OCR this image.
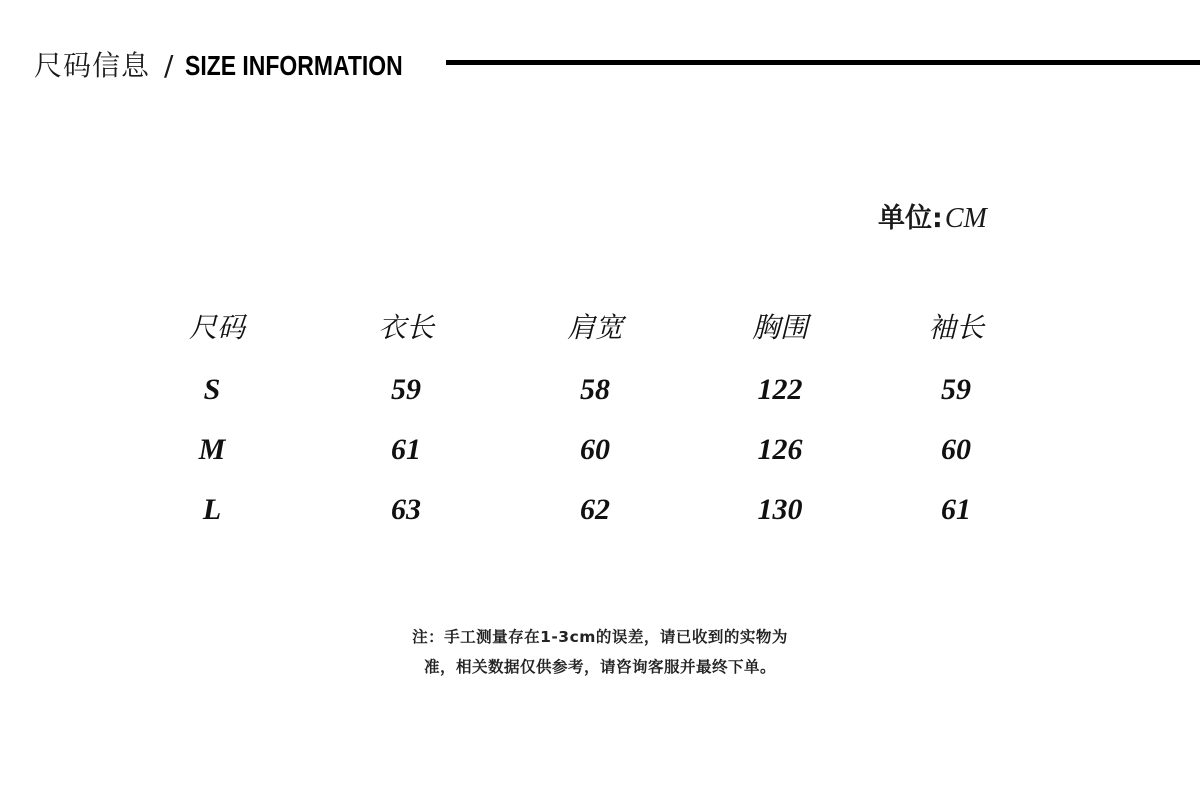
尺码信息 / SIZE INFORMATION
单位: CM
尺码	衣长	肩宽	胸围	袖长
S	59	58	122	59
M	61	60	126	60
L	63	62	130	61
注：手工测量存在1-3cm的误差，请已收到的实物为
准，相关数据仅供参考，请咨询客服并最终下单。
